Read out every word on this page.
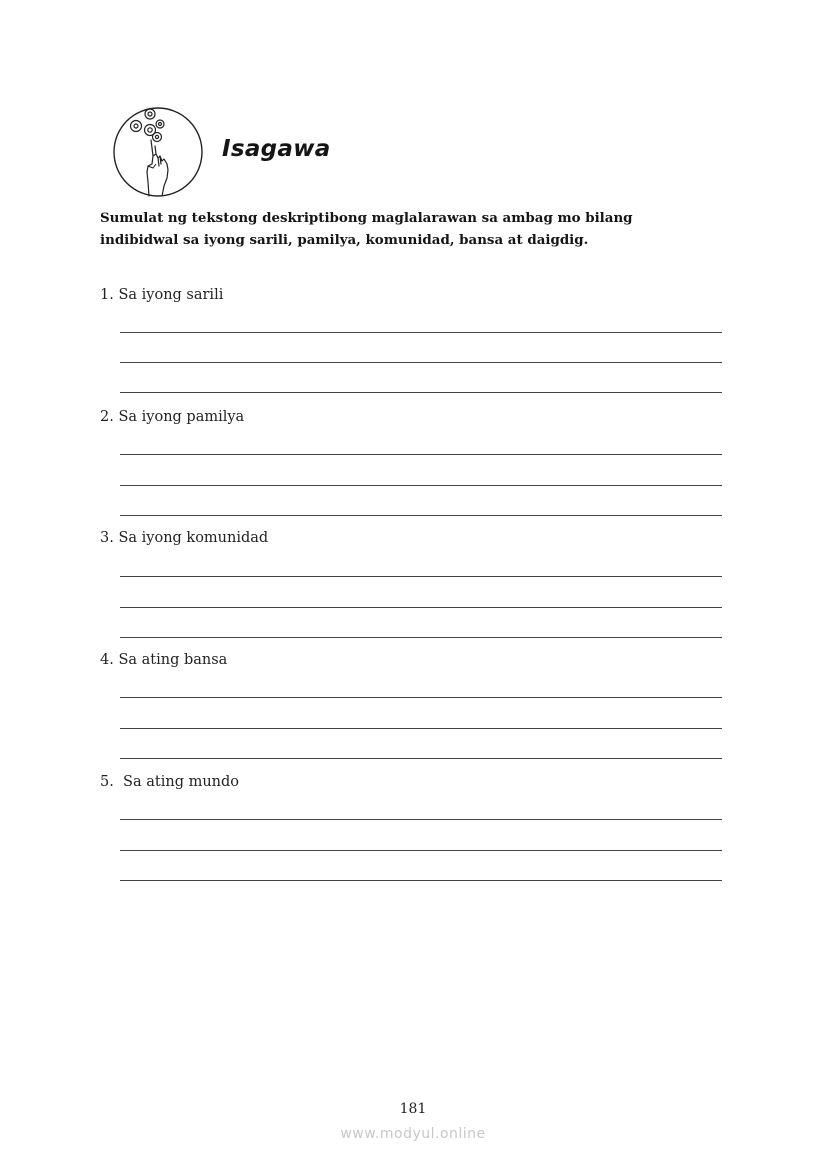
Isagawa
Sumulat ng tekstong deskriptibong maglalarawan sa ambag mo bilang indibidwal sa iyong sarili, pamilya, komunidad, bansa at daigdig.
1. Sa iyong sarili
2. Sa iyong pamilya
3. Sa iyong komunidad
4. Sa ating bansa
5.  Sa ating mundo
181
www.modyul.online
